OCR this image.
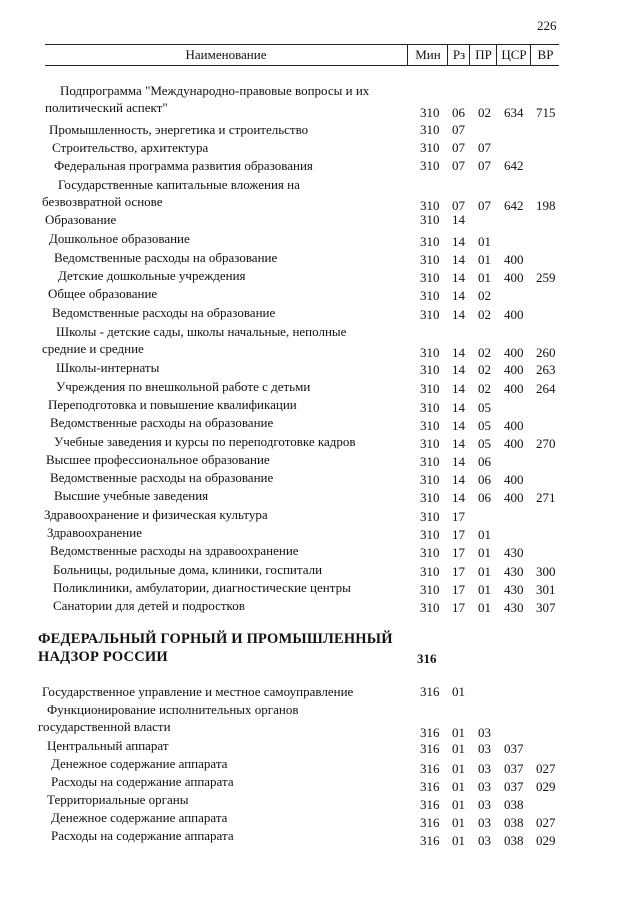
226
Наименование	Мин Рз ПР ЦСР ВР
Подпрограмма "Международно-правовые вопросы и их
политический аспект"	310 06 02 634 715
Промышленность, энергетика и строительство	310 07
Строительство, архитектура	310 07 07
Федеральная программа развития образования	310 07 07 642
Государственные капитальные вложения на
безвозвратной основе	310 07 07 642 198
Образование	310 14
Дошкольное образование	310 14 01
Ведомственные расходы на образование	310 14 01 400
Детские дошкольные учреждения	310 14 01 400 259
Общее образование	310 14 02
Ведомственные расходы на образование	310 14 02 400
Школы - детские сады, школы начальные, неполные
средние и средние	310 14 02 400 260
Школы-интернаты	310 14 02 400 263
Учреждения по внешкольной работе с детьми	310 14 02 400 264
Переподготовка и повышение квалификации	310 14 05
Ведомственные расходы на образование	310 14 05 400
Учебные заведения и курсы по переподготовке кадров	310 14 05 400 270
Высшее профессиональное образование	310 14 06
Ведомственные расходы на образование	310 14 06 400
Высшие учебные заведения	310 14 06 400 271
Здравоохранение и физическая культура	310 17
Здравоохранение	310 17 01
Ведомственные расходы на здравоохранение	310 17 01 430
Больницы, родильные дома, клиники, госпитали	310 17 01 430 300
Поликлиники, амбулатории, диагностические центры	310 17 01 430 301
Санатории для детей и подростков	310 17 01 430 307
ФЕДЕРАЛЬНЫЙ ГОРНЫЙ И ПРОМЫШЛЕННЫЙ
НАДЗОР РОССИИ	316
Государственное управление и местное самоуправление	316 01
Функционирование исполнительных органов
государственной власти	316 01 03
Центральный аппарат	316 01 03 037
Денежное содержание аппарата	316 01 03 037 027
Расходы на содержание аппарата	316 01 03 037 029
Территориальные органы	316 01 03 038
Денежное содержание аппарата	316 01 03 038 027
Расходы на содержание аппарата	316 01 03 038 029
